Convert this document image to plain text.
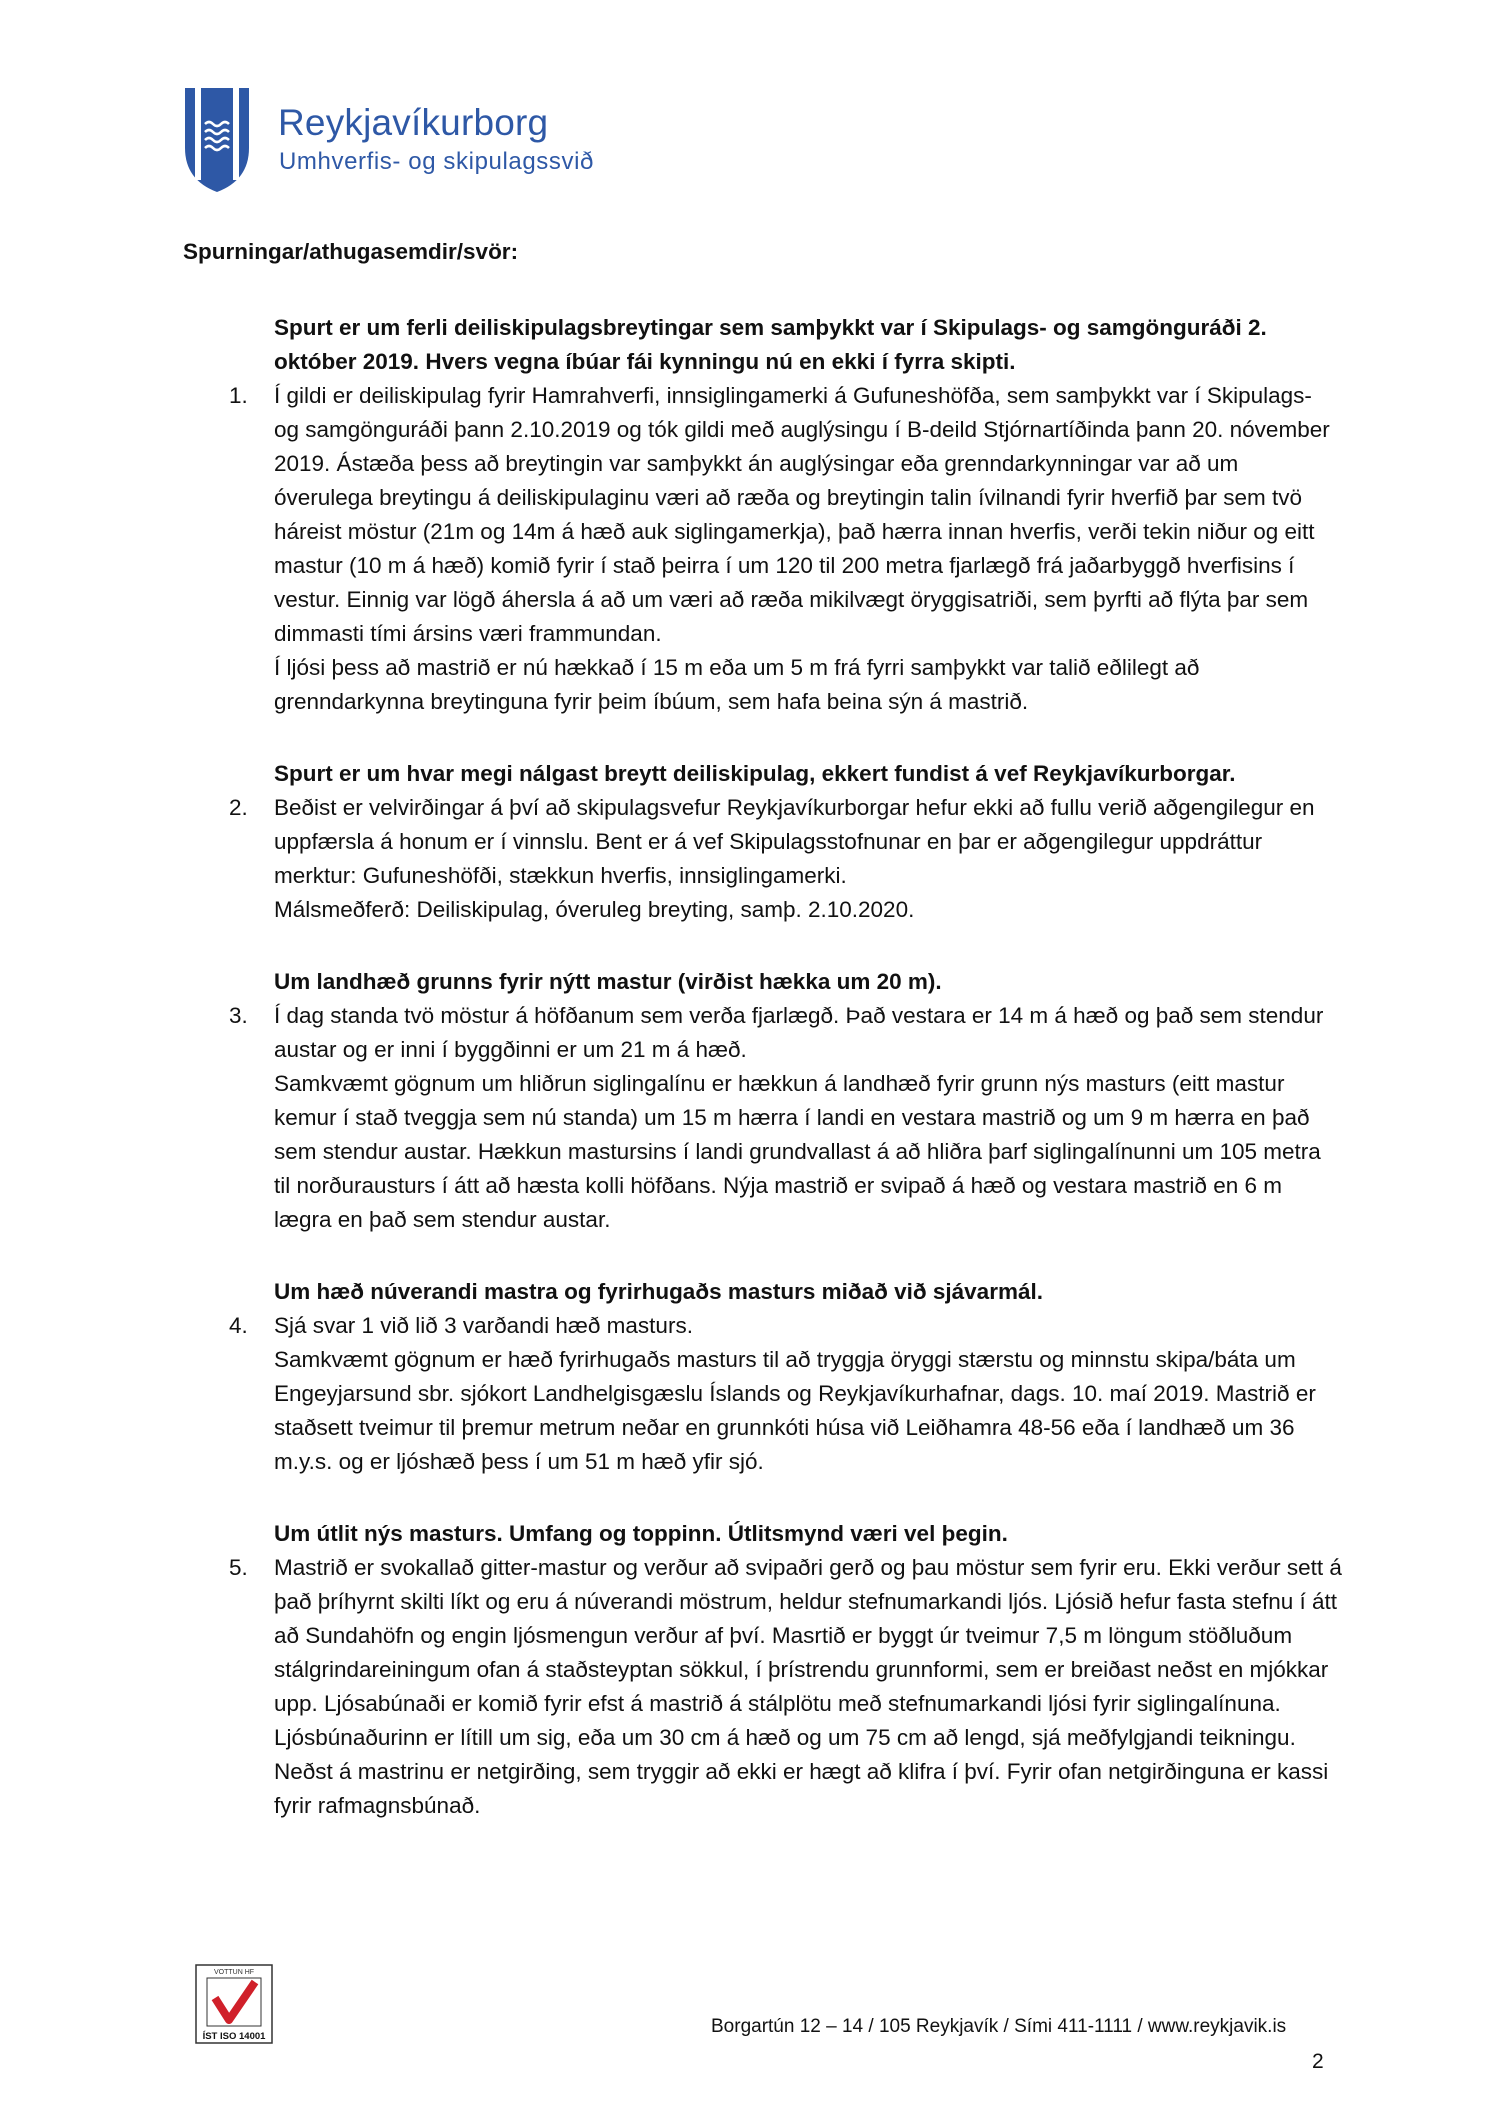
Reykjavíkurborg

Umhverfis- og skipulagssvið

Spurningar/athugasemdir/svör:

Spurt er um ferli deiliskipulagsbreytingar sem samþykkt var í Skipulags- og samgönguráði 2. október 2019. Hvers vegna íbúar fái kynningu nú en ekki í fyrra skipti.

1. Í gildi er deiliskipulag fyrir Hamrahverfi, innsiglingamerki á Gufuneshöfða, sem samþykkt var í Skipulags- og samgönguráði þann 2.10.2019 og tók gildi með auglýsingu í B-deild Stjórnartíðinda þann 20. nóvember 2019. Ástæða þess að breytingin var samþykkt án auglýsingar eða grenndarkynningar var að um óverulega breytingu á deiliskipulaginu væri að ræða og breytingin talin ívilnandi fyrir hverfið þar sem tvö háreist möstur (21m og 14m á hæð auk siglingamerkja), það hærra innan hverfis, verði tekin niður og eitt mastur (10 m á hæð) komið fyrir í stað þeirra í um 120 til 200 metra fjarlægð frá jaðarbyggð hverfisins í vestur. Einnig var lögð áhersla á að um væri að ræða mikilvægt öryggisatriði, sem þyrfti að flýta þar sem dimmasti tími ársins væri frammundan.
Í ljósi þess að mastrið er nú hækkað í 15 m eða um 5 m frá fyrri samþykkt var talið eðlilegt að grenndarkynna breytinguna fyrir þeim íbúum, sem hafa beina sýn á mastrið.

Spurt er um hvar megi nálgast breytt deiliskipulag, ekkert fundist á vef Reykjavíkurborgar.

2. Beðist er velvirðingar á því að skipulagsvefur Reykjavíkurborgar hefur ekki að fullu verið aðgengilegur en uppfærsla á honum er í vinnslu. Bent er á vef Skipulagsstofnunar en þar er aðgengilegur uppdráttur merktur: Gufuneshöfði, stækkun hverfis, innsiglingamerki.
Málsmeðferð: Deiliskipulag, óveruleg breyting, samþ. 2.10.2020.

Um landhæð grunns fyrir nýtt mastur (virðist hækka um 20 m).

3. Í dag standa tvö möstur á höfðanum sem verða fjarlægð. Það vestara er 14 m á hæð og það sem stendur austar og er inni í byggðinni er um 21 m á hæð.
Samkvæmt gögnum um hliðrun siglingalínu er hækkun á landhæð fyrir grunn nýs masturs (eitt mastur kemur í stað tveggja sem nú standa) um 15 m hærra í landi en vestara mastrið og um 9 m hærra en það sem stendur austar. Hækkun mastursins í landi grundvallast á að hliðra þarf siglingalínunni um 105 metra til norðurausturs í átt að hæsta kolli höfðans. Nýja mastrið er svipað á hæð og vestara mastrið en 6 m lægra en það sem stendur austar.

Um hæð núverandi mastra og fyrirhugaðs masturs miðað við sjávarmál.

4. Sjá svar 1 við lið 3 varðandi hæð masturs.
Samkvæmt gögnum er hæð fyrirhugaðs masturs til að tryggja öryggi stærstu og minnstu skipa/báta um Engeyjarsund sbr. sjókort Landhelgisgæslu Íslands og Reykjavíkurhafnar, dags. 10. maí 2019. Mastrið er staðsett tveimur til þremur metrum neðar en grunnkóti húsa við Leiðhamra 48-56 eða í landhæð um 36 m.y.s. og er ljóshæð þess í um 51 m hæð yfir sjó.

Um útlit nýs masturs. Umfang og toppinn. Útlitsmynd væri vel þegin.

5. Mastrið er svokallað gitter-mastur og verður að svipaðri gerð og þau möstur sem fyrir eru. Ekki verður sett á það þríhyrnt skilti líkt og eru á núverandi möstrum, heldur stefnumarkandi ljós. Ljósið hefur fasta stefnu í átt að Sundahöfn og engin ljósmengun verður af því. Masrtið er byggt úr tveimur 7,5 m löngum stöðluðum stálgrindareiningum ofan á staðsteyptan sökkul, í þrístrendu grunnformi, sem er breiðast neðst en mjókkar upp. Ljósabúnaði er komið fyrir efst á mastrið á stálplötu með stefnumarkandi ljósi fyrir siglingalínuna. Ljósbúnaðurinn er lítill um sig, eða um 30 cm á hæð og um 75 cm að lengd, sjá meðfylgjandi teikningu. Neðst á mastrinu er netgirðing, sem tryggir að ekki er hægt að klifra í því. Fyrir ofan netgirðinguna er kassi fyrir rafmagnsbúnað.

VOTTUN HF
ÍST ISO 14001	Borgartún 12 – 14 / 105 Reykjavík / Sími 411-1111 / www.reykjavik.is

2
